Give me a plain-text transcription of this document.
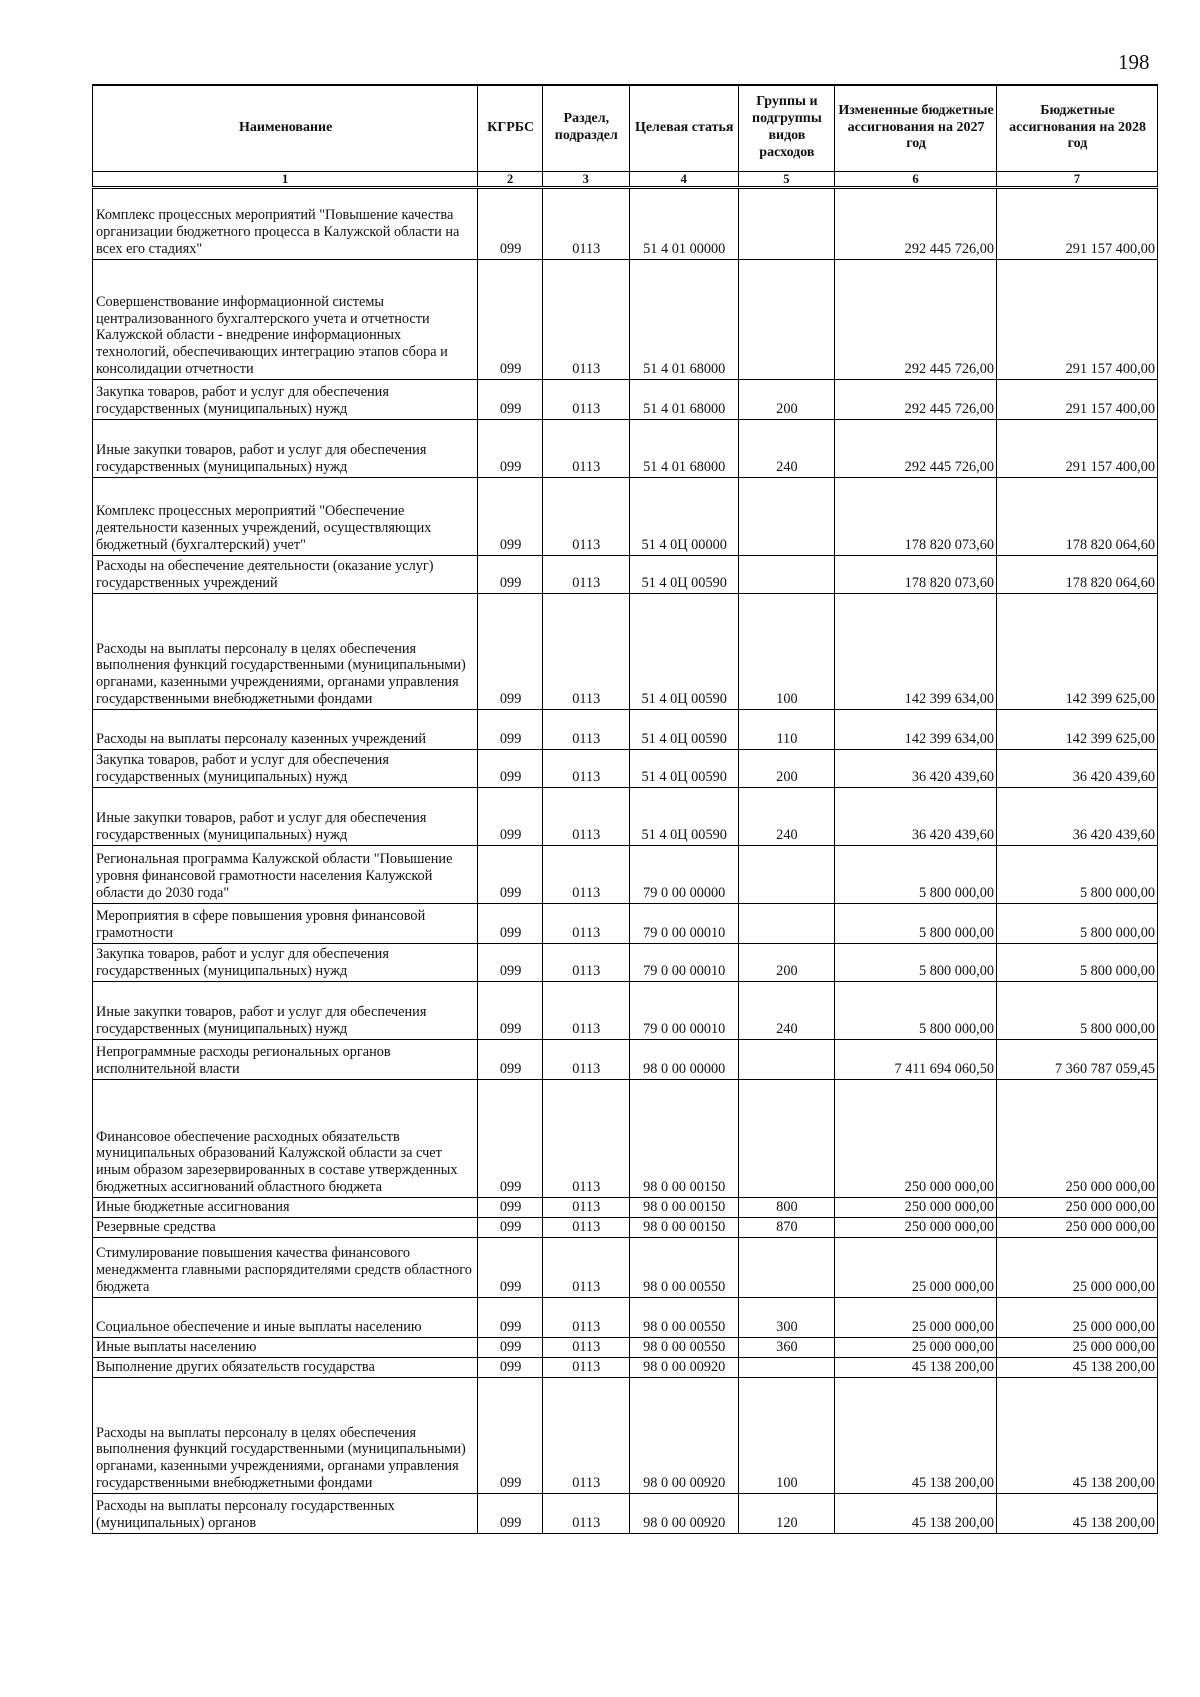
198
Наименование	КГРБС	Раздел, подраздел	Целевая статья	Группы и подгруппы видов расходов	Измененные бюджетные ассигнования на 2027 год	Бюджетные ассигнования на 2028 год
1	2	3	4	5	6	7
Комплекс процессных мероприятий "Повышение качества организации бюджетного процесса в Калужской области на всех его стадиях"	099	0113	51 4 01 00000		292 445 726,00	291 157 400,00
Совершенствование информационной системы централизованного бухгалтерского учета и отчетности Калужской области - внедрение информационных технологий, обеспечивающих интеграцию этапов сбора и консолидации отчетности	099	0113	51 4 01 68000		292 445 726,00	291 157 400,00
Закупка товаров, работ и услуг для обеспечения государственных (муниципальных) нужд	099	0113	51 4 01 68000	200	292 445 726,00	291 157 400,00
Иные закупки товаров, работ и услуг для обеспечения государственных (муниципальных) нужд	099	0113	51 4 01 68000	240	292 445 726,00	291 157 400,00
Комплекс процессных мероприятий "Обеспечение деятельности казенных учреждений, осуществляющих бюджетный (бухгалтерский) учет"	099	0113	51 4 0Ц 00000		178 820 073,60	178 820 064,60
Расходы на обеспечение деятельности (оказание услуг) государственных учреждений	099	0113	51 4 0Ц 00590		178 820 073,60	178 820 064,60
Расходы на выплаты персоналу в целях обеспечения выполнения функций государственными (муниципальными) органами, казенными учреждениями, органами управления государственными внебюджетными фондами	099	0113	51 4 0Ц 00590	100	142 399 634,00	142 399 625,00
Расходы на выплаты персоналу казенных учреждений	099	0113	51 4 0Ц 00590	110	142 399 634,00	142 399 625,00
Закупка товаров, работ и услуг для обеспечения государственных (муниципальных) нужд	099	0113	51 4 0Ц 00590	200	36 420 439,60	36 420 439,60
Иные закупки товаров, работ и услуг для обеспечения государственных (муниципальных) нужд	099	0113	51 4 0Ц 00590	240	36 420 439,60	36 420 439,60
Региональная программа Калужской области "Повышение уровня финансовой грамотности населения Калужской области до 2030 года"	099	0113	79 0 00 00000		5 800 000,00	5 800 000,00
Мероприятия в сфере повышения уровня финансовой грамотности	099	0113	79 0 00 00010		5 800 000,00	5 800 000,00
Закупка товаров, работ и услуг для обеспечения государственных (муниципальных) нужд	099	0113	79 0 00 00010	200	5 800 000,00	5 800 000,00
Иные закупки товаров, работ и услуг для обеспечения государственных (муниципальных) нужд	099	0113	79 0 00 00010	240	5 800 000,00	5 800 000,00
Непрограммные расходы региональных органов исполнительной власти	099	0113	98 0 00 00000		7 411 694 060,50	7 360 787 059,45
Финансовое обеспечение расходных обязательств муниципальных образований Калужской области за счет иным образом зарезервированных в составе утвержденных бюджетных ассигнований областного бюджета	099	0113	98 0 00 00150		250 000 000,00	250 000 000,00
Иные бюджетные ассигнования	099	0113	98 0 00 00150	800	250 000 000,00	250 000 000,00
Резервные средства	099	0113	98 0 00 00150	870	250 000 000,00	250 000 000,00
Стимулирование повышения качества финансового менеджмента главными распорядителями средств областного бюджета	099	0113	98 0 00 00550		25 000 000,00	25 000 000,00
Социальное обеспечение и иные выплаты населению	099	0113	98 0 00 00550	300	25 000 000,00	25 000 000,00
Иные выплаты населению	099	0113	98 0 00 00550	360	25 000 000,00	25 000 000,00
Выполнение других обязательств государства	099	0113	98 0 00 00920		45 138 200,00	45 138 200,00
Расходы на выплаты персоналу в целях обеспечения выполнения функций государственными (муниципальными) органами, казенными учреждениями, органами управления государственными внебюджетными фондами	099	0113	98 0 00 00920	100	45 138 200,00	45 138 200,00
Расходы на выплаты персоналу государственных (муниципальных) органов	099	0113	98 0 00 00920	120	45 138 200,00	45 138 200,00
